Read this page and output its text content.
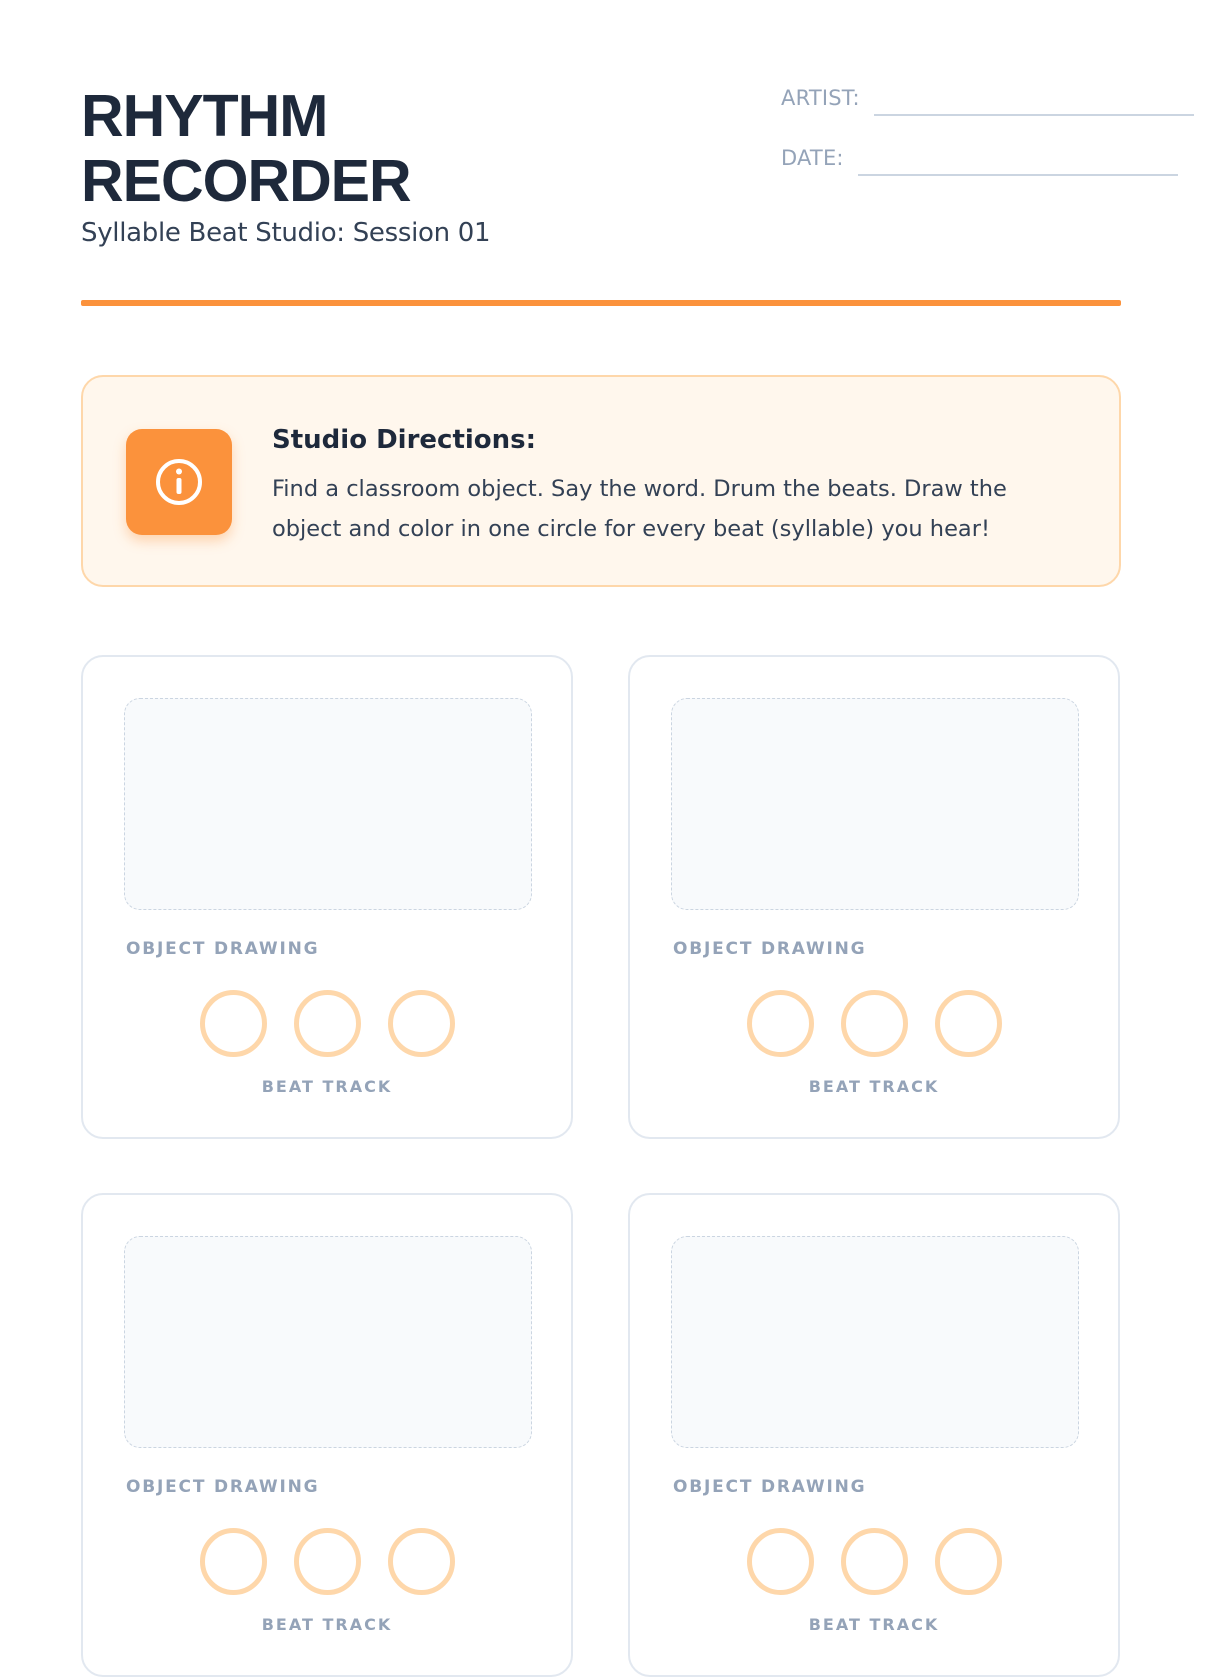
RHYTHM
RECORDER
Syllable Beat Studio: Session 01
ARTIST:
DATE:
Studio Directions:
Find a classroom object. Say the word. Drum the beats. Draw the object and color in one circle for every beat (syllable) you hear!
OBJECT DRAWING
BEAT TRACK
OBJECT DRAWING
BEAT TRACK
OBJECT DRAWING
BEAT TRACK
OBJECT DRAWING
BEAT TRACK
